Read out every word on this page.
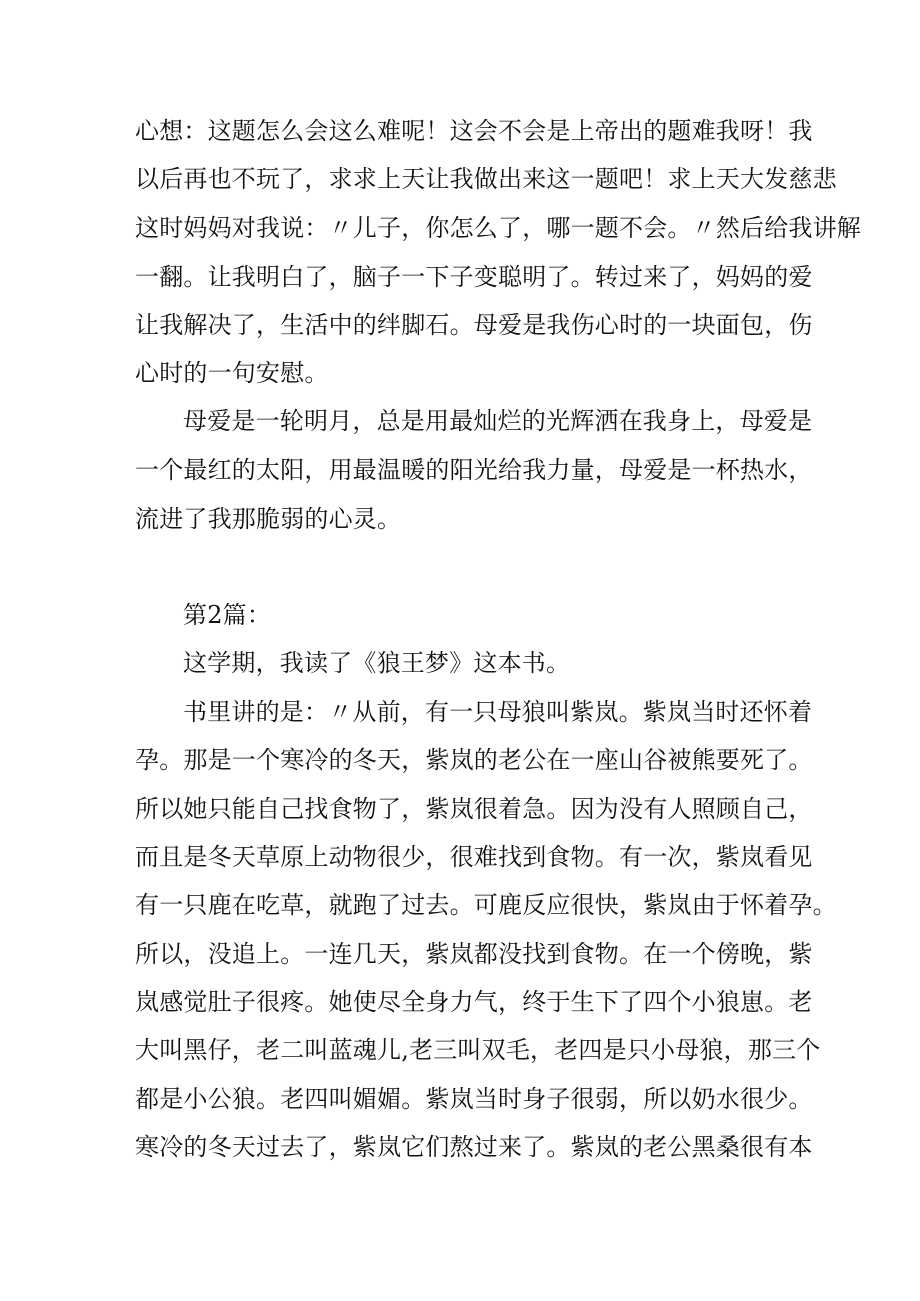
心想：这题怎么会这么难呢！这会不会是上帝出的题难我呀！我
以后再也不玩了，求求上天让我做出来这一题吧！求上天大发慈悲
这时妈妈对我说：〃儿子，你怎么了，哪一题不会。〃然后给我讲解
一翻。让我明白了，脑子一下子变聪明了。转过来了，妈妈的爱
让我解决了，生活中的绊脚石。母爱是我伤心时的一块面包，伤
心时的一句安慰。
母爱是一轮明月，总是用最灿烂的光辉洒在我身上，母爱是
一个最红的太阳，用最温暖的阳光给我力量，母爱是一杯热水，
流进了我那脆弱的心灵。
第2篇：
这学期，我读了《狼王梦》这本书。
书里讲的是：〃从前，有一只母狼叫紫岚。紫岚当时还怀着
孕。那是一个寒冷的冬天，紫岚的老公在一座山谷被熊要死了。
所以她只能自己找食物了，紫岚很着急。因为没有人照顾自己，
而且是冬天草原上动物很少，很难找到食物。有一次，紫岚看见
有一只鹿在吃草，就跑了过去。可鹿反应很快，紫岚由于怀着孕。
所以，没追上。一连几天，紫岚都没找到食物。在一个傍晚，紫
岚感觉肚子很疼。她使尽全身力气，终于生下了四个小狼崽。老
大叫黑仔，老二叫蓝魂儿,老三叫双毛，老四是只小母狼，那三个
都是小公狼。老四叫媚媚。紫岚当时身子很弱，所以奶水很少。
寒冷的冬天过去了，紫岚它们熬过来了。紫岚的老公黑桑很有本
